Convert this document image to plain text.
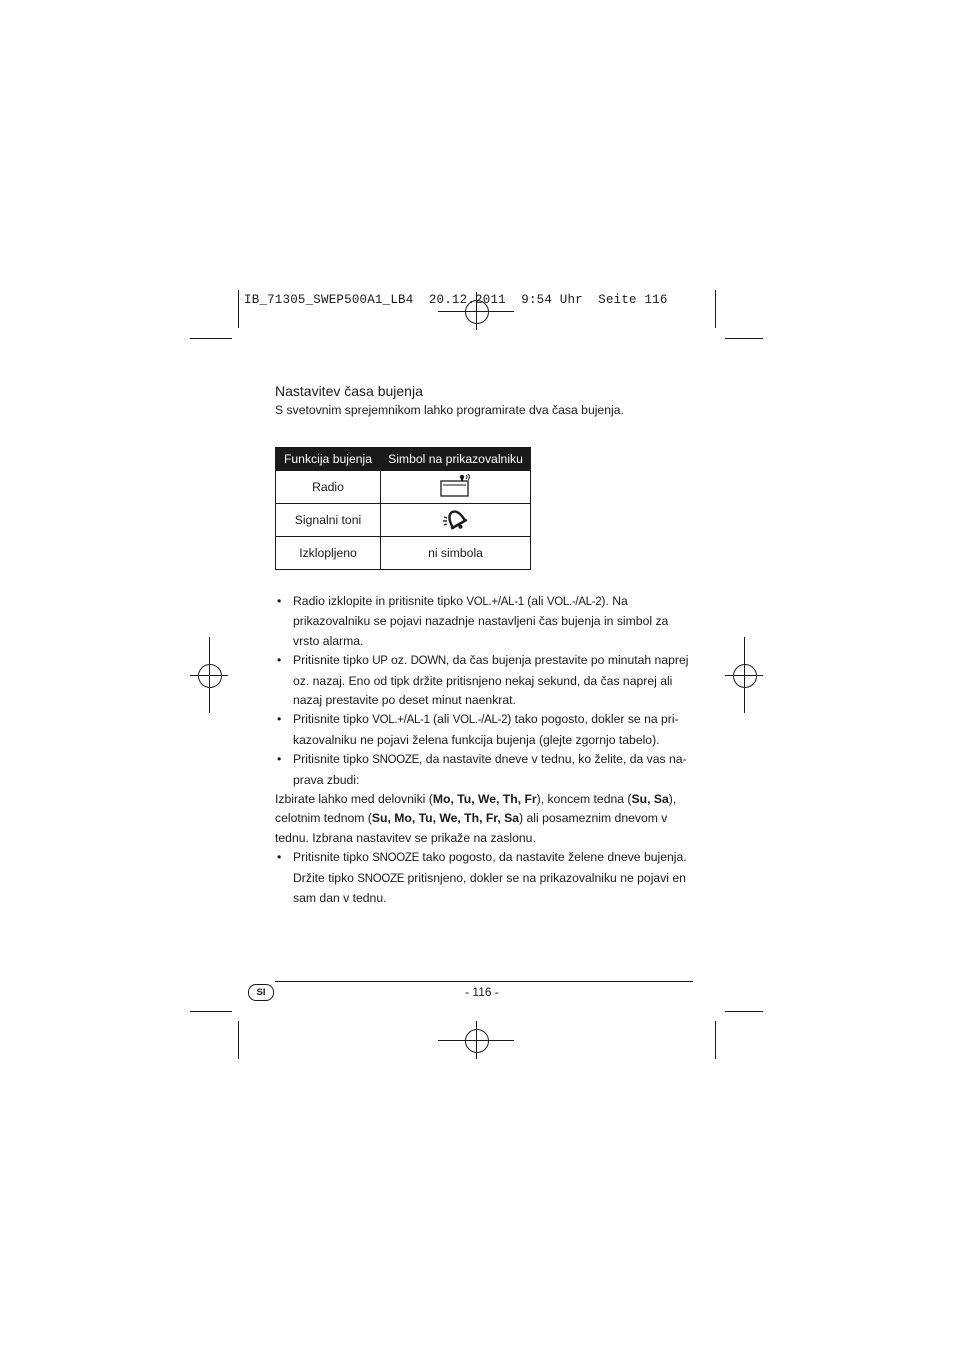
IB_71305_SWEP500A1_LB4  20.12.2011  9:54 Uhr  Seite 116
Nastavitev časa bujenja
S svetovnim sprejemnikom lahko programirate dva časa bujenja.
Funkcija bujenja	Simbol na prikazovalniku
Radio	
Signalni toni	
Izklopljeno	ni simbola
• Radio izklopite in pritisnite tipko VOL.+/AL-1 (ali VOL.-/AL-2). Na prikazovalniku se pojavi nazadnje nastavljeni čas bujenja in simbol za vrsto alarma.
• Pritisnite tipko UP oz. DOWN, da čas bujenja prestavite po minutah naprej oz. nazaj. Eno od tipk držite pritisnjeno nekaj sekund, da čas naprej ali nazaj prestavite po deset minut naenkrat.
• Pritisnite tipko VOL.+/AL-1 (ali VOL.-/AL-2) tako pogosto, dokler se na pri-kazovalniku ne pojavi želena funkcija bujenja (glejte zgornjo tabelo).
• Pritisnite tipko SNOOZE, da nastavite dneve v tednu, ko želite, da vas na-prava zbudi:

Izbirate lahko med delovniki (Mo, Tu, We, Th, Fr), koncem tedna (Su, Sa), celotnim tednom (Su, Mo, Tu, We, Th, Fr, Sa) ali posameznim dnevom v tednu. Izbrana nastavitev se prikaže na zaslonu.

• Pritisnite tipko SNOOZE tako pogosto, da nastavite želene dneve bujenja. Držite tipko SNOOZE pritisnjeno, dokler se na prikazovalniku ne pojavi en sam dan v tednu.
SI	- 116 -
